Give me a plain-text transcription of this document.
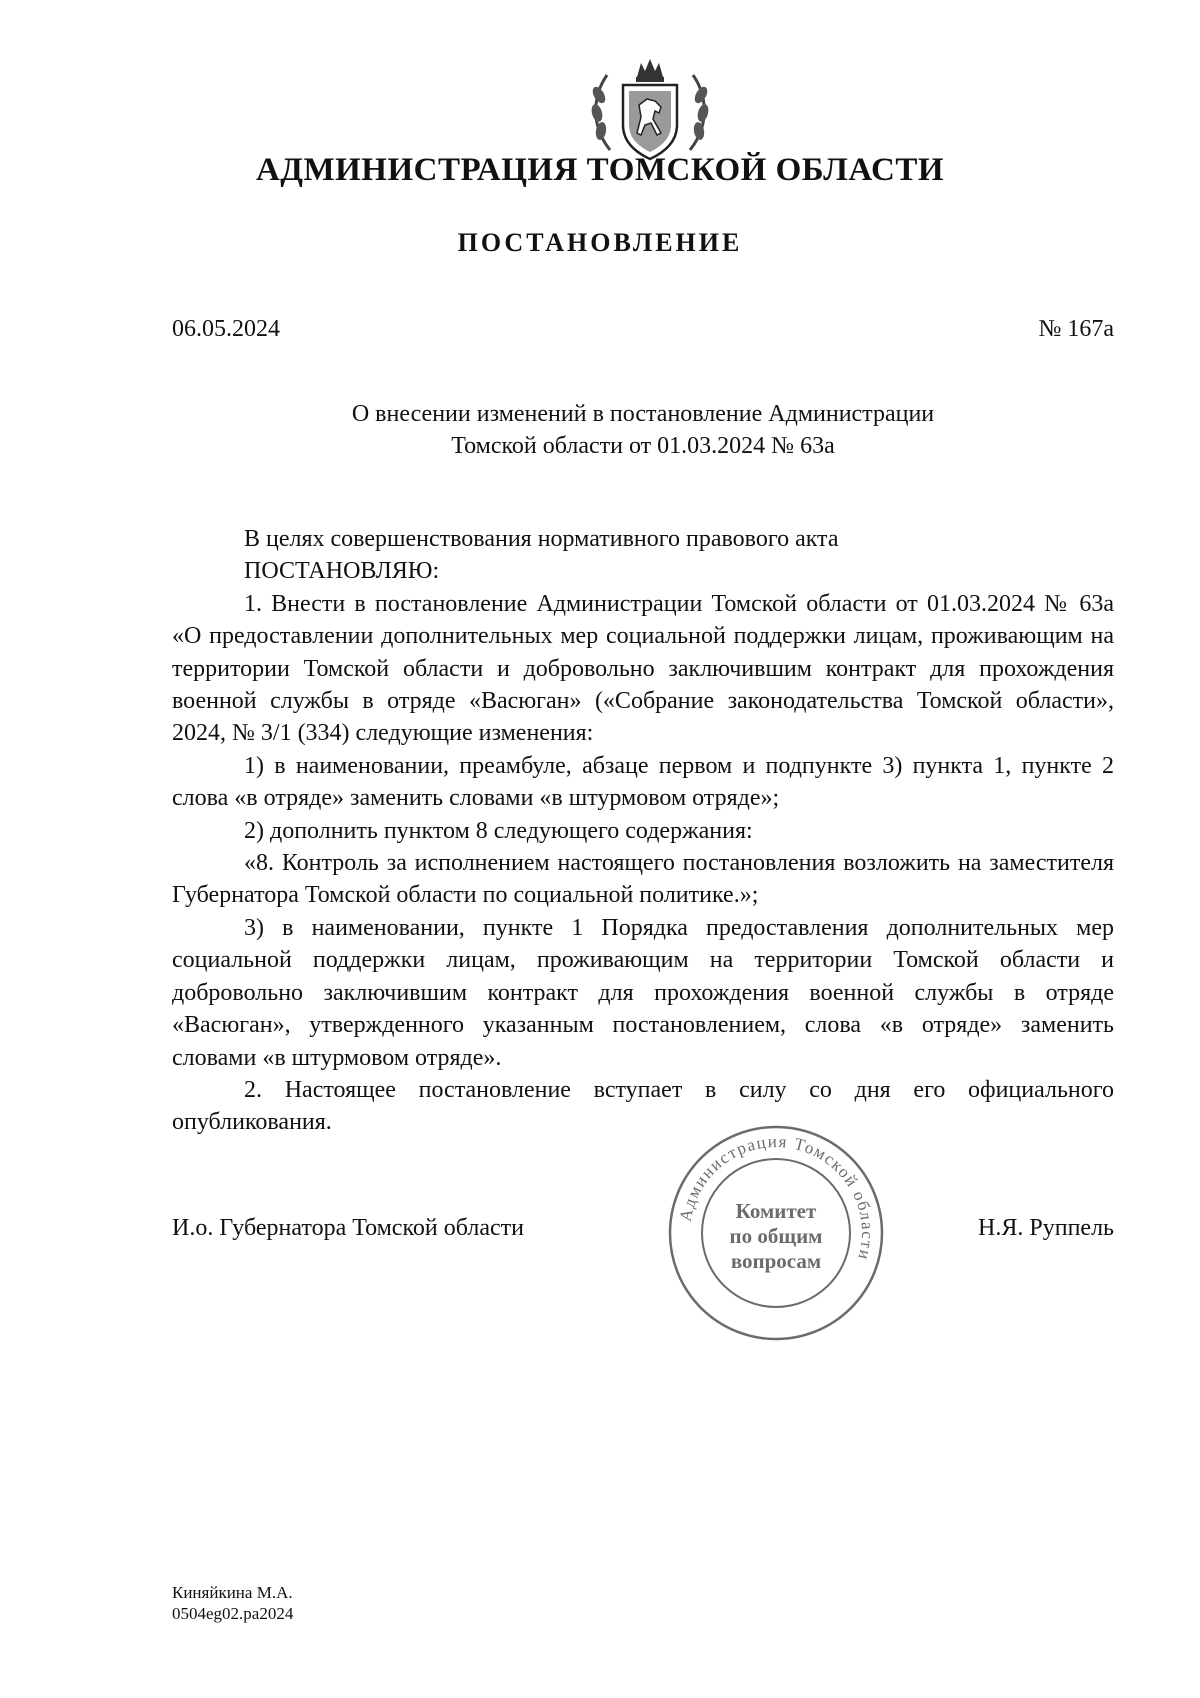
АДМИНИСТРАЦИЯ ТОМСКОЙ ОБЛАСТИ
ПОСТАНОВЛЕНИЕ
06.05.2024	№ 167а

О внесении изменений в постановление Администрации

Томской области от 01.03.2024 № 63а

В целях совершенствования нормативного правового акта

ПОСТАНОВЛЯЮ:

1. Внести в постановление Администрации Томской области от 01.03.2024 № 63а «О предоставлении дополнительных мер социальной поддержки лицам, проживающим на территории Томской области и добровольно заключившим контракт для прохождения военной службы в отряде «Васюган» («Собрание законодательства Томской области», 2024, № 3/1 (334) следующие изменения:

1) в наименовании, преамбуле, абзаце первом и подпункте 3) пункта 1, пункте 2 слова «в отряде» заменить словами «в штурмовом отряде»;

2) дополнить пунктом 8 следующего содержания:

«8. Контроль за исполнением настоящего постановления возложить на заместителя Губернатора Томской области по социальной политике.»;

3) в наименовании, пункте 1 Порядка предоставления дополнительных мер социальной поддержки лицам, проживающим на территории Томской области и добровольно заключившим контракт для прохождения военной службы в отряде «Васюган», утвержденного указанным постановлением, слова «в отряде» заменить словами «в штурмовом отряде».

2. Настоящее постановление вступает в силу со дня его официального опубликования.

И.о. Губернатора Томской области	Н.Я. Руппель
Администрация Томской области
Комитет
по общим
вопросам
Киняйкина М.А.
0504eg02.pa2024
